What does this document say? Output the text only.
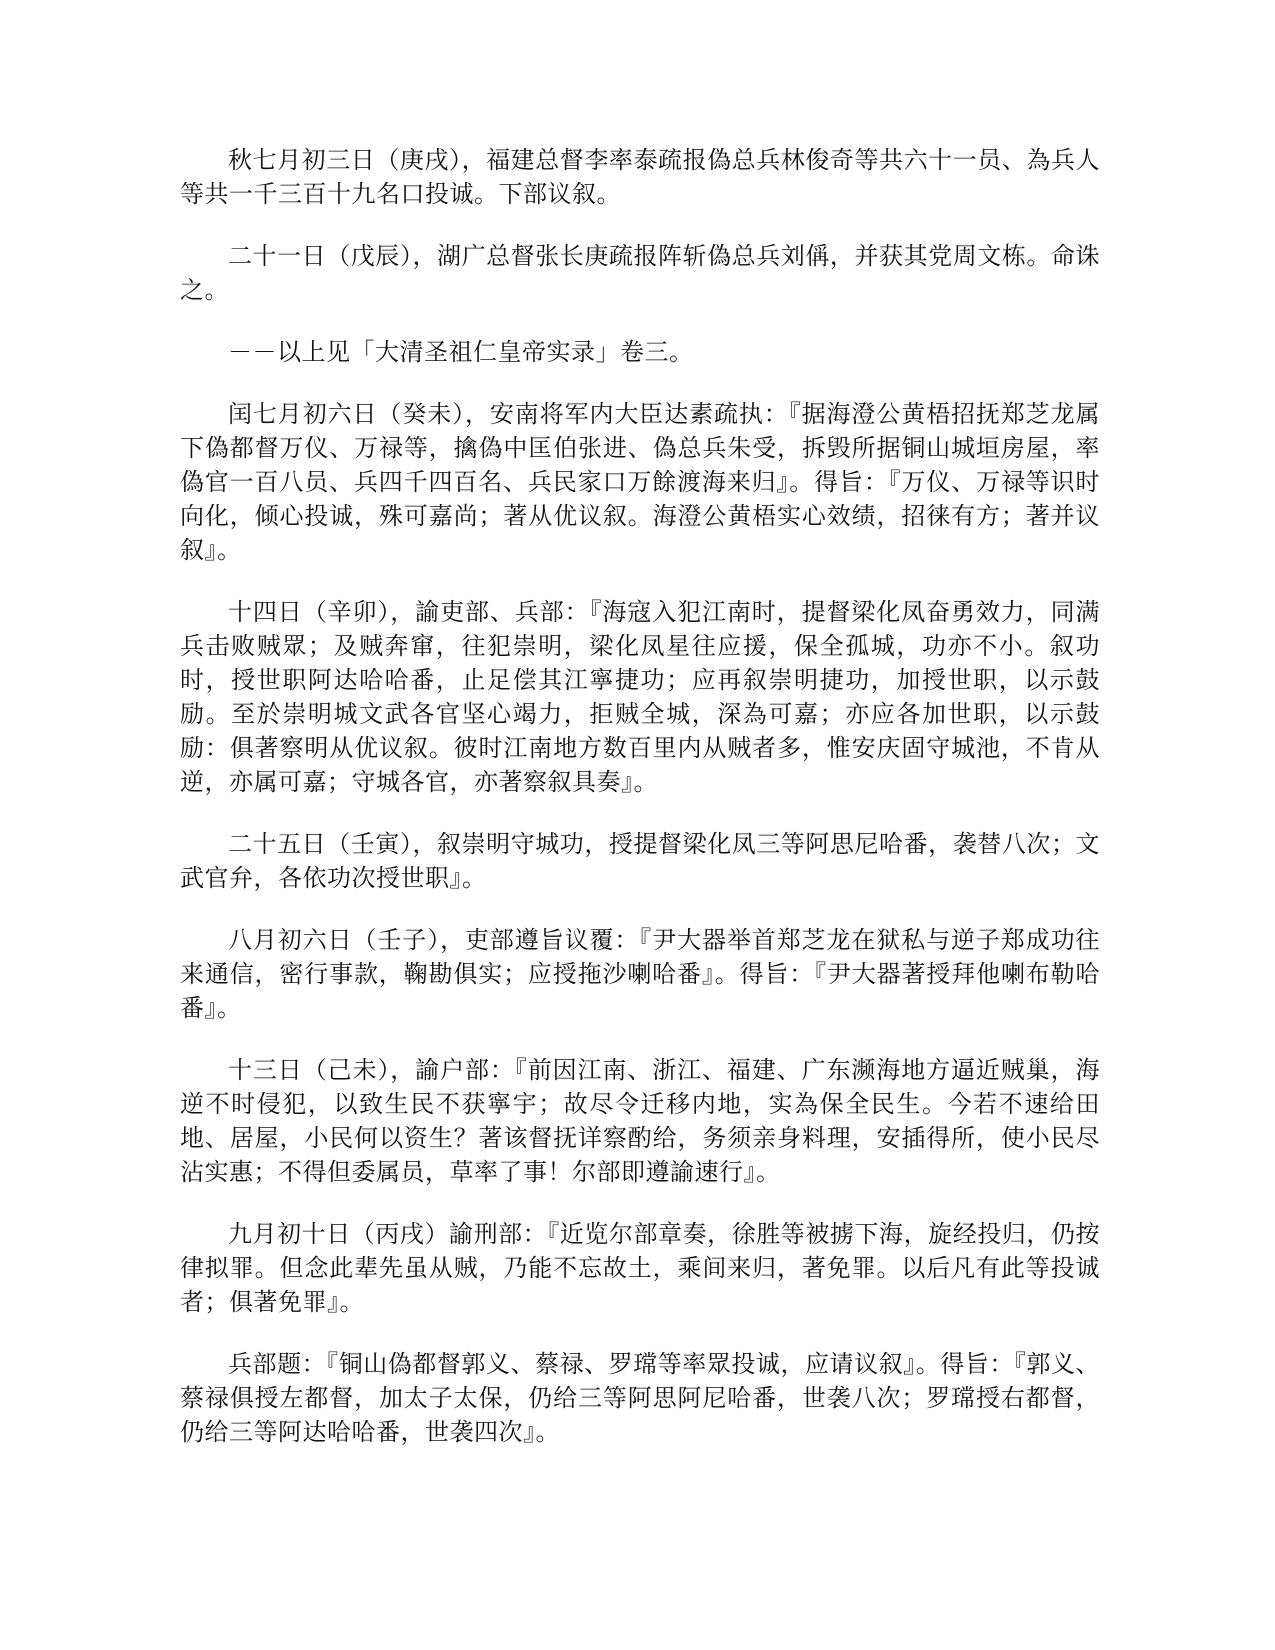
秋七月初三日（庚戌），福建总督李率泰疏报偽总兵林俊奇等共六十一员、為兵人等共一千三百十九名口投诚。下部议叙。

二十一日（戊辰），湖广总督张长庚疏报阵斩偽总兵刘偁，并获其党周文栋。命诛之。

－－以上见「大清圣祖仁皇帝实录」卷三。

闰七月初六日（癸未），安南将军内大臣达素疏执：『据海澄公黄梧招抚郑芝龙属下偽都督万仪、万禄等，擒偽中匡伯张进、偽总兵朱受，拆毁所据铜山城垣房屋，率偽官一百八员、兵四千四百名、兵民家口万餘渡海来归』。得旨：『万仪、万禄等识时向化，倾心投诚，殊可嘉尚；著从优议叙。海澄公黄梧实心效绩，招徕有方；著并议叙』。

十四日（辛卯），諭吏部、兵部：『海寇入犯江南时，提督梁化凤奋勇效力，同满兵击败贼眾；及贼奔窜，往犯崇明，梁化凤星往应援，保全孤城，功亦不小。叙功时，授世职阿达哈哈番，止足偿其江寧捷功；应再叙崇明捷功，加授世职，以示鼓励。至於崇明城文武各官坚心竭力，拒贼全城，深為可嘉；亦应各加世职，以示鼓励：俱著察明从优议叙。彼时江南地方数百里内从贼者多，惟安庆固守城池，不肯从逆，亦属可嘉；守城各官，亦著察叙具奏』。

二十五日（壬寅），叙崇明守城功，授提督梁化凤三等阿思尼哈番，袭替八次；文武官弁，各依功次授世职』。

八月初六日（壬子），吏部遵旨议覆：『尹大器举首郑芝龙在狱私与逆子郑成功往来通信，密行事款，鞠勘俱实；应授拖沙喇哈番』。得旨：『尹大器著授拜他喇布勒哈番』。

十三日（己未），諭户部：『前因江南、浙江、福建、广东濒海地方逼近贼巢，海逆不时侵犯，以致生民不获寧宇；故尽令迁移内地，实為保全民生。今若不速给田地、居屋，小民何以资生？著该督抚详察酌给，务须亲身料理，安插得所，使小民尽沾实惠；不得但委属员，草率了事！尔部即遵諭速行』。

九月初十日（丙戌）諭刑部：『近览尔部章奏，徐胜等被掳下海，旋经投归，仍按律拟罪。但念此辈先虽从贼，乃能不忘故土，乘间来归，著免罪。以后凡有此等投诚者；俱著免罪』。

兵部题：『铜山偽都督郭义、蔡禄、罗瑺等率眾投诚，应请议叙』。得旨：『郭义、蔡禄俱授左都督，加太子太保，仍给三等阿思阿尼哈番，世袭八次；罗瑺授右都督，仍给三等阿达哈哈番，世袭四次』。
